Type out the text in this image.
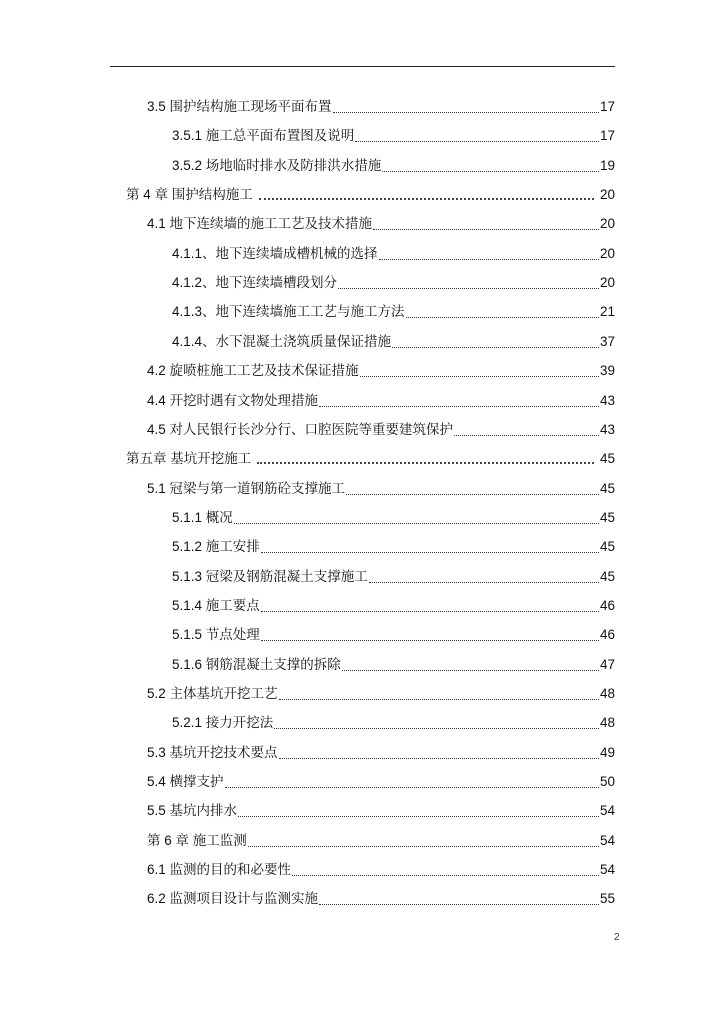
3.5 围护结构施工现场平面布置	17
3.5.1 施工总平面布置图及说明	17
3.5.2 场地临时排水及防排洪水措施	19
第 4 章 围护结构施工	20
4.1 地下连续墙的施工工艺及技术措施	20
4.1.1、地下连续墙成槽机械的选择	20
4.1.2、地下连续墙槽段划分	20
4.1.3、地下连续墙施工工艺与施工方法	21
4.1.4、水下混凝土浇筑质量保证措施	37
4.2 旋喷桩施工工艺及技术保证措施	39
4.4 开挖时遇有文物处理措施	43
4.5 对人民银行长沙分行、口腔医院等重要建筑保护	43
第五章 基坑开挖施工	45
5.1 冠梁与第一道钢筋砼支撑施工	45
5.1.1 概况	45
5.1.2 施工安排	45
5.1.3 冠梁及钢筋混凝土支撑施工	45
5.1.4 施工要点	46
5.1.5 节点处理	46
5.1.6 钢筋混凝土支撑的拆除	47
5.2 主体基坑开挖工艺	48
5.2.1 接力开挖法	48
5.3 基坑开挖技术要点	49
5.4 横撑支护	50
5.5 基坑内排水	54
第 6 章 施工监测	54
6.1 监测的目的和必要性	54
6.2 监测项目设计与监测实施	55
2
